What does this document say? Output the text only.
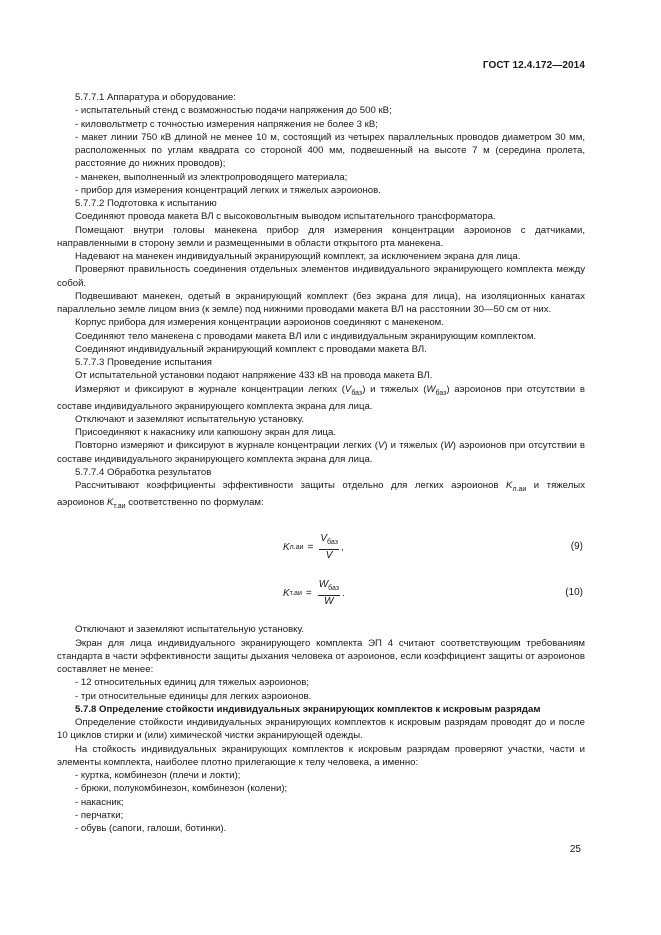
ГОСТ 12.4.172—2014

5.7.7.1 Аппаратура и оборудование:

- испытательный стенд с возможностью подачи напряжения до 500 кВ;

- киловольтметр с точностью измерения напряжения не более 3 кВ;

- макет линии 750 кВ длиной не менее 10 м, состоящий из четырех параллельных проводов диаметром 30 мм, расположенных по углам квадрата со стороной 400 мм, подвешенный на высоте 7 м (середина пролета, расстояние до нижних проводов);

- манекен, выполненный из электропроводящего материала;

- прибор для измерения концентраций легких и тяжелых аэроионов.

5.7.7.2 Подготовка к испытанию

Соединяют провода макета ВЛ с высоковольтным выводом испытательного трансформатора.

Помещают внутри головы манекена прибор для измерения концентрации аэроионов с датчиками, направленными в сторону земли и размещенными в области открытого рта манекена.

Надевают на манекен индивидуальный экранирующий комплект, за исключением экрана для лица.

Проверяют правильность соединения отдельных элементов индивидуального экранирующего комплекта между собой.

Подвешивают манекен, одетый в экранирующий комплект (без экрана для лица), на изоляционных канатах параллельно земле лицом вниз (к земле) под нижними проводами макета ВЛ на расстоянии 30—50 см от них.

Корпус прибора для измерения концентрации аэроионов соединяют с манекеном.

Соединяют тело манекена с проводами макета ВЛ или с индивидуальным экранирующим комплектом.

Соединяют индивидуальный экранирующий комплект с проводами макета ВЛ.

5.7.7.3 Проведение испытания

От испытательной установки подают напряжение 433 кВ на провода макета ВЛ.

Измеряют и фиксируют в журнале концентрации легких $(V_{баз})$ и тяжелых $(W_{баз})$ аэроионов при отсутствии в составе индивидуального экранирующего комплекта экрана для лица.

Отключают и заземляют испытательную установку.

Присоединяют к накаснику или капюшону экран для лица.

Повторно измеряют и фиксируют в журнале концентрации легких (V) и тяжелых (W) аэроионов при отсутствии в составе индивидуального экранирующего комплекта экрана для лица.

5.7.7.4 Обработка результатов

Рассчитывают коэффициенты эффективности защиты отдельно для легких аэроионов $K_{л.аи}$ и тяжелых аэроионов $K_{т.аи}$ соответственно по формулам:

K $л.аи = \frac{V_{баз}}{V}$ ,	(9)
K $т.аи = \frac{W_{баз}}{W}$ .	(10)

Отключают и заземляют испытательную установку.

Экран для лица индивидуального экранирующего комплекта ЭП 4 считают соответствующим требованиям стандарта в части эффективности защиты дыхания человека от аэроионов, если коэффициент защиты от аэроионов составляет не менее:

- 12 относительных единиц для тяжелых аэроионов;

- три относительные единицы для легких аэроионов.

5.7.8 Определение стойкости индивидуальных экранирующих комплектов к искровым разрядам

Определение стойкости индивидуальных экранирующих комплектов к искровым разрядам проводят до и после 10 циклов стирки и (или) химической чистки экранирующей одежды.

На стойкость индивидуальных экранирующих комплектов к искровым разрядам проверяют участки, части и элементы комплекта, наиболее плотно прилегающие к телу человека, а именно:

- куртка, комбинезон (плечи и локти);

- брюки, полукомбинезон, комбинезон (колени);

- накасник;

- перчатки;

- обувь (сапоги, галоши, ботинки).

25
